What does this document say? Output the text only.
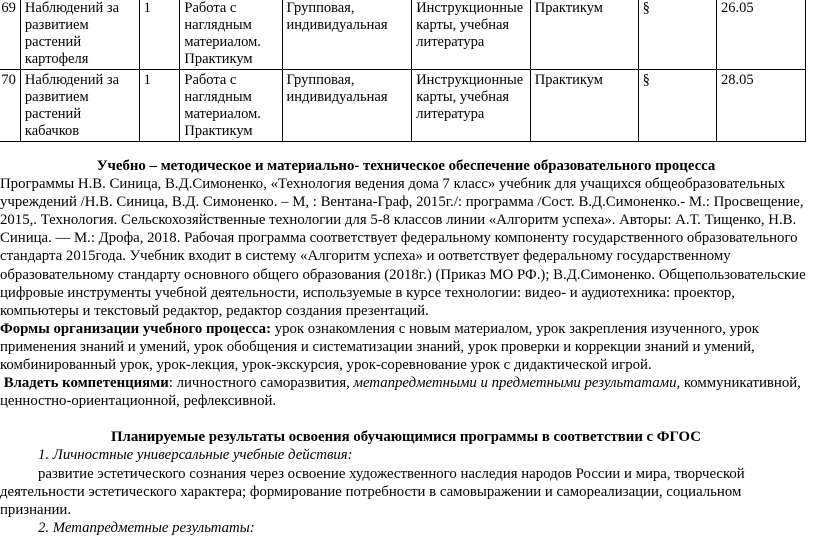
69	Наблюдений за развитием растений картофеля	1	Работа с наглядным материалом. Практикум	Групповая, индивидуальная	Инструкционные карты, учебная литература	Практикум	§	26.05
70	Наблюдений за развитием растений кабачков	1	Работа с наглядным материалом. Практикум	Групповая, индивидуальная	Инструкционные карты, учебная литература	Практикум	§	28.05

Учебно – методическое и материально- техническое обеспечение образовательного процесса

Программы Н.В. Синица, В.Д.Симоненко, «Технология ведения дома 7 класс» учебник для учащихся общеобразовательных учреждений /Н.В. Синица, В.Д. Симоненко. – М, : Вентана-Граф, 2015г./: программа /Сост. В.Д.Симоненко.- М.: Просвещение, 2015,. Технология. Сельскохозяйственные технологии для 5-8 классов линии «Алгоритм успеха». Авторы: А.Т. Тищенко, Н.В. Синица. — М.: Дрофа, 2018. Рабочая программа соответствует федеральному компоненту государственного образовательного стандарта 2015года. Учебник входит в систему «Алгоритм успеха» и оответствует федеральному государственному образовательному стандарту основного общего образования (2018г.) (Приказ МО РФ.); В.Д.Симоненко. Общепользовательские цифровые инструменты учебной деятельности, используемые в курсе технологии: видео- и аудиотехника: проектор, компьютеры и текстовый редактор, редактор создания презентаций.

Формы организации учебного процесса: урок ознакомления с новым материалом, урок закрепления изученного, урок применения знаний и умений, урок обобщения и систематизации знаний, урок проверки и коррекции знаний и умений, комбинированный урок, урок-лекция, урок-экскурсия, урок-соревнование урок с дидактической игрой.

Владеть компетенциями: личностного саморазвития, метапредметными и предметными результатами, коммуникативной, ценностно-ориентационной, рефлексивной.

Планируемые результаты освоения обучающимися программы в соответствии с ФГОС

1. Личностные универсальные учебные действия:

развитие эстетического сознания через освоение художественного наследия народов России и мира, творческой деятельности эстетического характера; формирование потребности в самовыражении и самореализации, социальном признании.

2. Метапредметные результаты:
